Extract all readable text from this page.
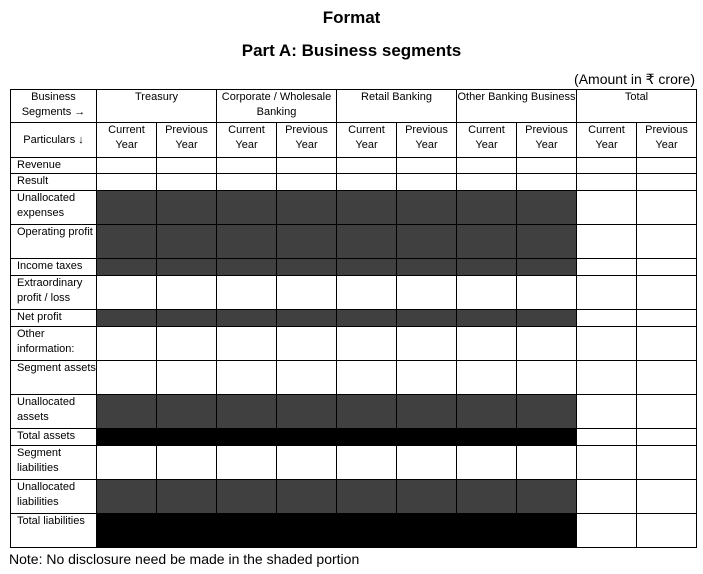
Format
Part A: Business segments
(Amount in ₹ crore)
Business Segments →	Treasury		Corporate / Wholesale Banking		Retail Banking		Other Banking Business		Total	
Particulars ↓	Current Year	Previous Year	Current Year	Previous Year	Current Year	Previous Year	Current Year	Previous Year	Current Year	Previous Year
Revenue										
Result										
Unallocated expenses										
Operating profit										
Income taxes										
Extraordinary profit / loss										
Net profit										
Other information:										
Segment assets										
Unallocated assets										
Total assets										
Segment liabilities										
Unallocated liabilities										
Total liabilities										
Note: No disclosure need be made in the shaded portion
